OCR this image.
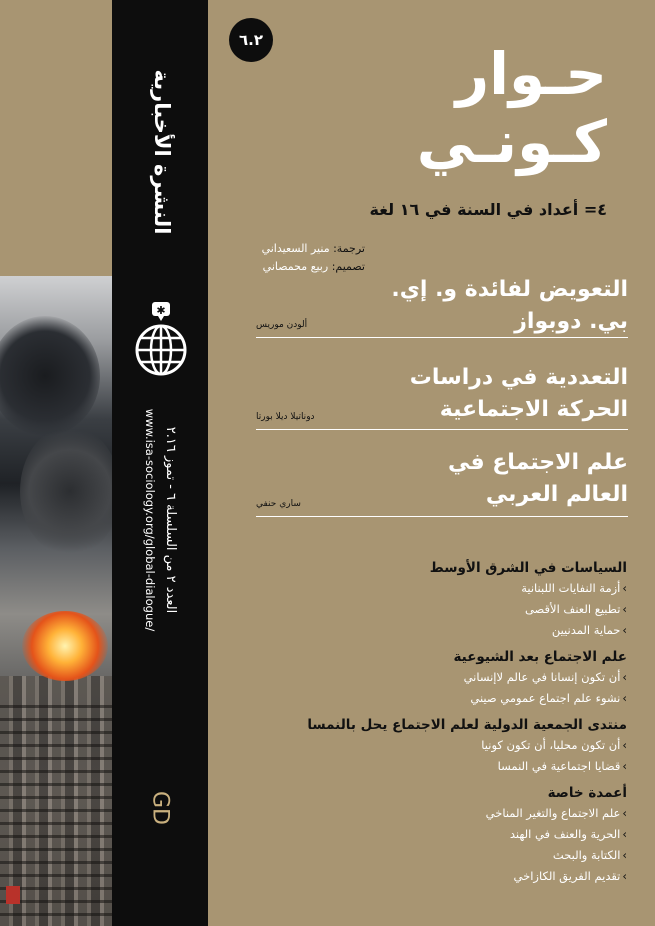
النشرة الأخبارية
✱
العدد ٢ من السلسلة ٦ - تموز ٢.١٦
www.isa-sociology.org/global-dialogue/
GD
٦.٢	حـوار
كـونـي
٤= أعداد في السنة في ١٦ لغة
ترجمة: منير السعيداني
تصميم: ربيع محمصاني
التعويض لفائدة و. إي.
بي. دوبواز
ألودن موريس
التعددية في دراسات
الحركة الاجتماعية
دوناتيلا ديلا بورتا
علم الاجتماع في
العالم العربي
ساري حنفي
السياسات في الشرق الأوسط
› أزمة النفايات اللبنانية
› تطبيع العنف الأقصى
› حماية المدنيين
علم الاجتماع بعد الشيوعية
› أن تكون إنسانا في عالم لاإنساني
› نشوء علم اجتماع عمومي صيني
منتدى الجمعية الدولية لعلم الاجتماع يحل بالنمسا
› أن تكون محليا، أن تكون كونيا
› قضايا اجتماعية في النمسا
أعمدة خاصة
› علم الاجتماع والتغير المناخي
› الحرية والعنف في الهند
› الكتابة والبحث
› تقديم الفريق الكازاخي
